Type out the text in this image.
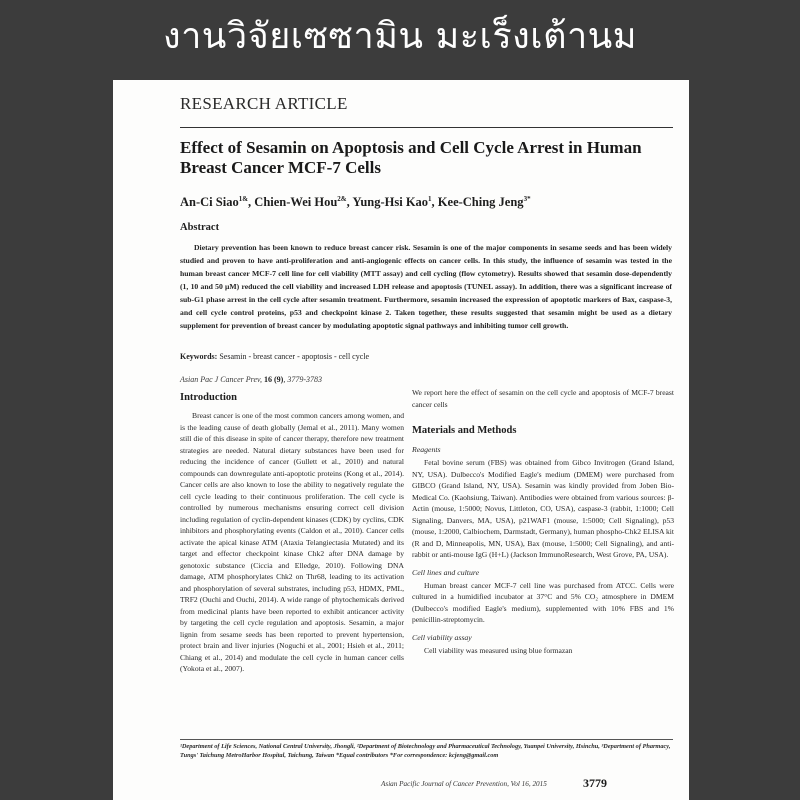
งานวิจัยเซซามิน มะเร็งเต้านม
RESEARCH ARTICLE
Effect of Sesamin on Apoptosis and Cell Cycle Arrest in Human Breast Cancer MCF-7 Cells
An-Ci Siao$^{1\&}$, Chien-Wei Hou$^{2\&}$, Yung-Hsi Kao$^1$, Kee-Ching Jeng$^{3*}$
Abstract
Dietary prevention has been known to reduce breast cancer risk. Sesamin is one of the major components in sesame seeds and has been widely studied and proven to have anti-proliferation and anti-angiogenic effects on cancer cells. In this study, the influence of sesamin was tested in the human breast cancer MCF-7 cell line for cell viability (MTT assay) and cell cycling (flow cytometry). Results showed that sesamin dose-dependently (1, 10 and 50 μM) reduced the cell viability and increased LDH release and apoptosis (TUNEL assay). In addition, there was a significant increase of sub-G1 phase arrest in the cell cycle after sesamin treatment. Furthermore, sesamin increased the expression of apoptotic markers of Bax, caspase-3, and cell cycle control proteins, p53 and checkpoint kinase 2. Taken together, these results suggested that sesamin might be used as a dietary supplement for prevention of breast cancer by modulating apoptotic signal pathways and inhibiting tumor cell growth.
Keywords: Sesamin - breast cancer - apoptosis - cell cycle
Asian Pac J Cancer Prev, 16 (9), 3779-3783
Introduction

Breast cancer is one of the most common cancers among women, and is the leading cause of death globally (Jemal et al., 2011). Many women still die of this disease in spite of cancer therapy, therefore new treatment strategies are needed. Natural dietary substances have been used for reducing the incidence of cancer (Gullett et al., 2010) and natural compounds can downregulate anti-apoptotic proteins (Kong et al., 2014). Cancer cells are also known to lose the ability to negatively regulate the cell cycle leading to their continuous proliferation. The cell cycle is controlled by numerous mechanisms ensuring correct cell division including regulation of cyclin-dependent kinases (CDK) by cyclins, CDK inhibitors and phosphorylating events (Caldon et al., 2010). Cancer cells activate the apical kinase ATM (Ataxia Telangiectasia Mutated) and its target and effector checkpoint kinase Chk2 after DNA damage by genotoxic substance (Ciccia and Elledge, 2010). Following DNA damage, ATM phosphorylates Chk2 on Thr68, leading to its activation and phosphorylation of several substrates, including p53, HDMX, PML, TRF2 (Ouchi and Ouchi, 2014). A wide range of phytochemicals derived from medicinal plants have been reported to exhibit anticancer activity by targeting the cell cycle regulation and apoptosis. Sesamin, a major lignin from sesame seeds has been reported to prevent hypertension, protect brain and liver injuries (Noguchi et al., 2001; Hsieh et al., 2011; Chiang et al., 2014) and modulate the cell cycle in human cancer cells (Yokota et al., 2007).

We report here the effect of sesamin on the cell cycle and apoptosis of MCF-7 breast cancer cells

Materials and Methods
Reagents

Fetal bovine serum (FBS) was obtained from Gibco Invitrogen (Grand Island, NY, USA). Dulbecco's Modified Eagle's medium (DMEM) were purchased from GIBCO (Grand Island, NY, USA). Sesamin was kindly provided from Joben Bio-Medical Co. (Kaohsiung, Taiwan). Antibodies were obtained from various sources: β-Actin (mouse, 1:5000; Novus, Littleton, CO, USA), caspase-3 (rabbit, 1:1000; Cell Signaling, Danvers, MA, USA), p21WAF1 (mouse, 1:5000; Cell Signaling), p53 (mouse, 1:2000, Calbiochem, Darmstadt, Germany), human phospho-Chk2 ELISA kit (R and D, Minneapolis, MN, USA), Bax (mouse, 1:5000; Cell Signaling), and anti-rabbit or anti-mouse IgG (H+L) (Jackson ImmunoResearch, West Grove, PA, USA).

Cell lines and culture

Human breast cancer MCF-7 cell line was purchased from ATCC. Cells were cultured in a humidified incubator at 37°C and 5% CO₂ atmosphere in DMEM (Dulbecco's modified Eagle's medium), supplemented with 10% FBS and 1% penicillin-streptomycin.

Cell viability assay

Cell viability was measured using blue formazan

¹Department of Life Sciences, National Central University, Jhongli, ²Department of Biotechnology and Pharmaceutical Technology, Yuanpei University, Hsinchu, ³Department of Pharmacy, Tungs' Taichung MetroHarbor Hospital, Taichung, Taiwan *Equal contributors *For correspondence: kcjeng@gmail.com
Asian Pacific Journal of Cancer Prevention, Vol 16, 2015	3779
